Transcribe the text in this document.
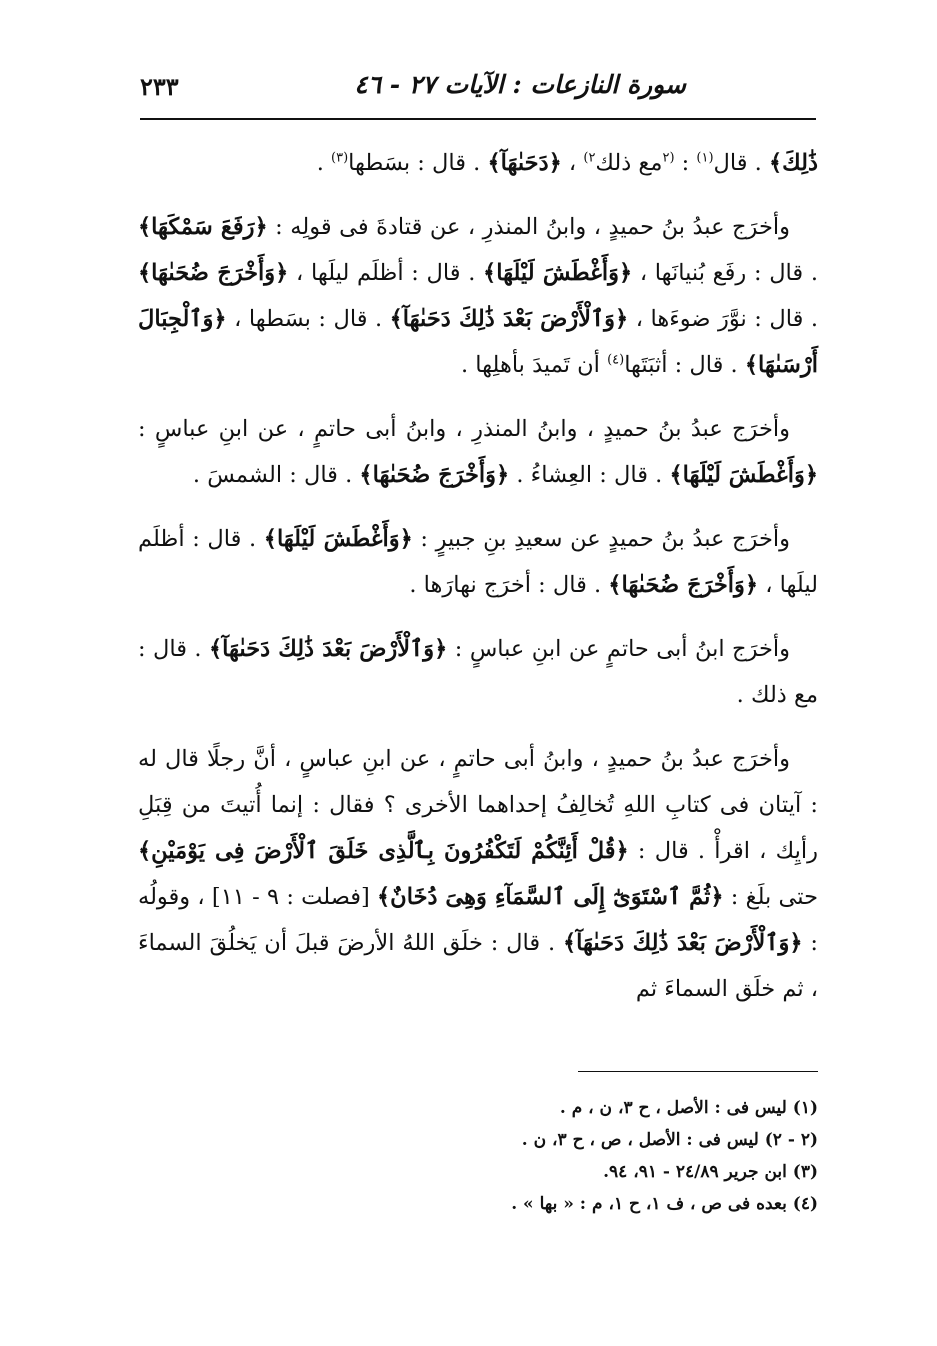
سورة النازعات : الآيات ٢٧ - ٤٦
٢٣٣

ذَٰلِكَ﴾ . قال$^{(١)}$ : $^{(٢}$مع ذلك$^{٢)}$ ، ﴿دَحَىٰهَآ﴾ . قال : بسَطها$^{(٣)}$ .

وأخرَج عبدُ بنُ حميدٍ ، وابنُ المنذرِ ، عن قتادةَ فى قولِه : ﴿رَفَعَ سَمْكَهَا﴾ . قال : رفَع بُنيانَها ، ﴿وَأَغْطَشَ لَيْلَهَا﴾ . قال : أظلَم ليلَها ، ﴿وَأَخْرَجَ ضُحَىٰهَا﴾ . قال : نوَّرَ ضوءَها ، ﴿وَٱلْأَرْضَ بَعْدَ ذَٰلِكَ دَحَىٰهَآ﴾ . قال : بسَطها ، ﴿وَٱلْجِبَالَ أَرْسَىٰهَا﴾ . قال : أثبَتَها$^{(٤)}$ أن تَميدَ بأهلِها .

وأخرَج عبدُ بنُ حميدٍ ، وابنُ المنذرِ ، وابنُ أبى حاتمٍ ، عن ابنِ عباسٍ : ﴿وَأَغْطَشَ لَيْلَهَا﴾ . قال : العِشاءُ . ﴿وَأَخْرَجَ ضُحَىٰهَا﴾ . قال : الشمسَ .

وأخرَج عبدُ بنُ حميدٍ عن سعيدِ بنِ جبيرٍ : ﴿وَأَغْطَشَ لَيْلَهَا﴾ . قال : أظلَم ليلَها ، ﴿وَأَخْرَجَ ضُحَىٰهَا﴾ . قال : أخرَج نهارَها .

وأخرَج ابنُ أبى حاتمٍ عن ابنِ عباسٍ : ﴿وَٱلْأَرْضَ بَعْدَ ذَٰلِكَ دَحَىٰهَآ﴾ . قال : مع ذلك .

وأخرَج عبدُ بنُ حميدٍ ، وابنُ أبى حاتمٍ ، عن ابنِ عباسٍ ، أنَّ رجلًا قال له : آيتان فى كتابِ اللهِ تُخالِفُ إحداهما الأخرى ؟ فقال : إنما أُتيتَ من قِبَلِ رأيِك ، اقرأْ . قال : ﴿قُلْ أَئِنَّكُمْ لَتَكْفُرُونَ بِٱلَّذِى خَلَقَ ٱلْأَرْضَ فِى يَوْمَيْنِ﴾ حتى بلَغ : ﴿ثُمَّ ٱسْتَوَىٰٓ إِلَى ٱلسَّمَآءِ وَهِىَ دُخَانٌ﴾ [فصلت : ٩ - ١١] ، وقولُه : ﴿وَٱلْأَرْضَ بَعْدَ ذَٰلِكَ دَحَىٰهَآ﴾ . قال : خلَق اللهُ الأرضَ قبلَ أن يَخلُقَ السماءَ ، ثم خلَق السماءَ ثم

(١) ليس فى : الأصل ، ح ٣، ن ، م .

(٢ - ٢) ليس فى : الأصل ، ص ، ح ٣، ن .

(٣) ابن جرير ٢٤/٨٩ - ٩١، ٩٤.

(٤) بعده فى ص ، ف ١، ح ١، م : « بها » .
